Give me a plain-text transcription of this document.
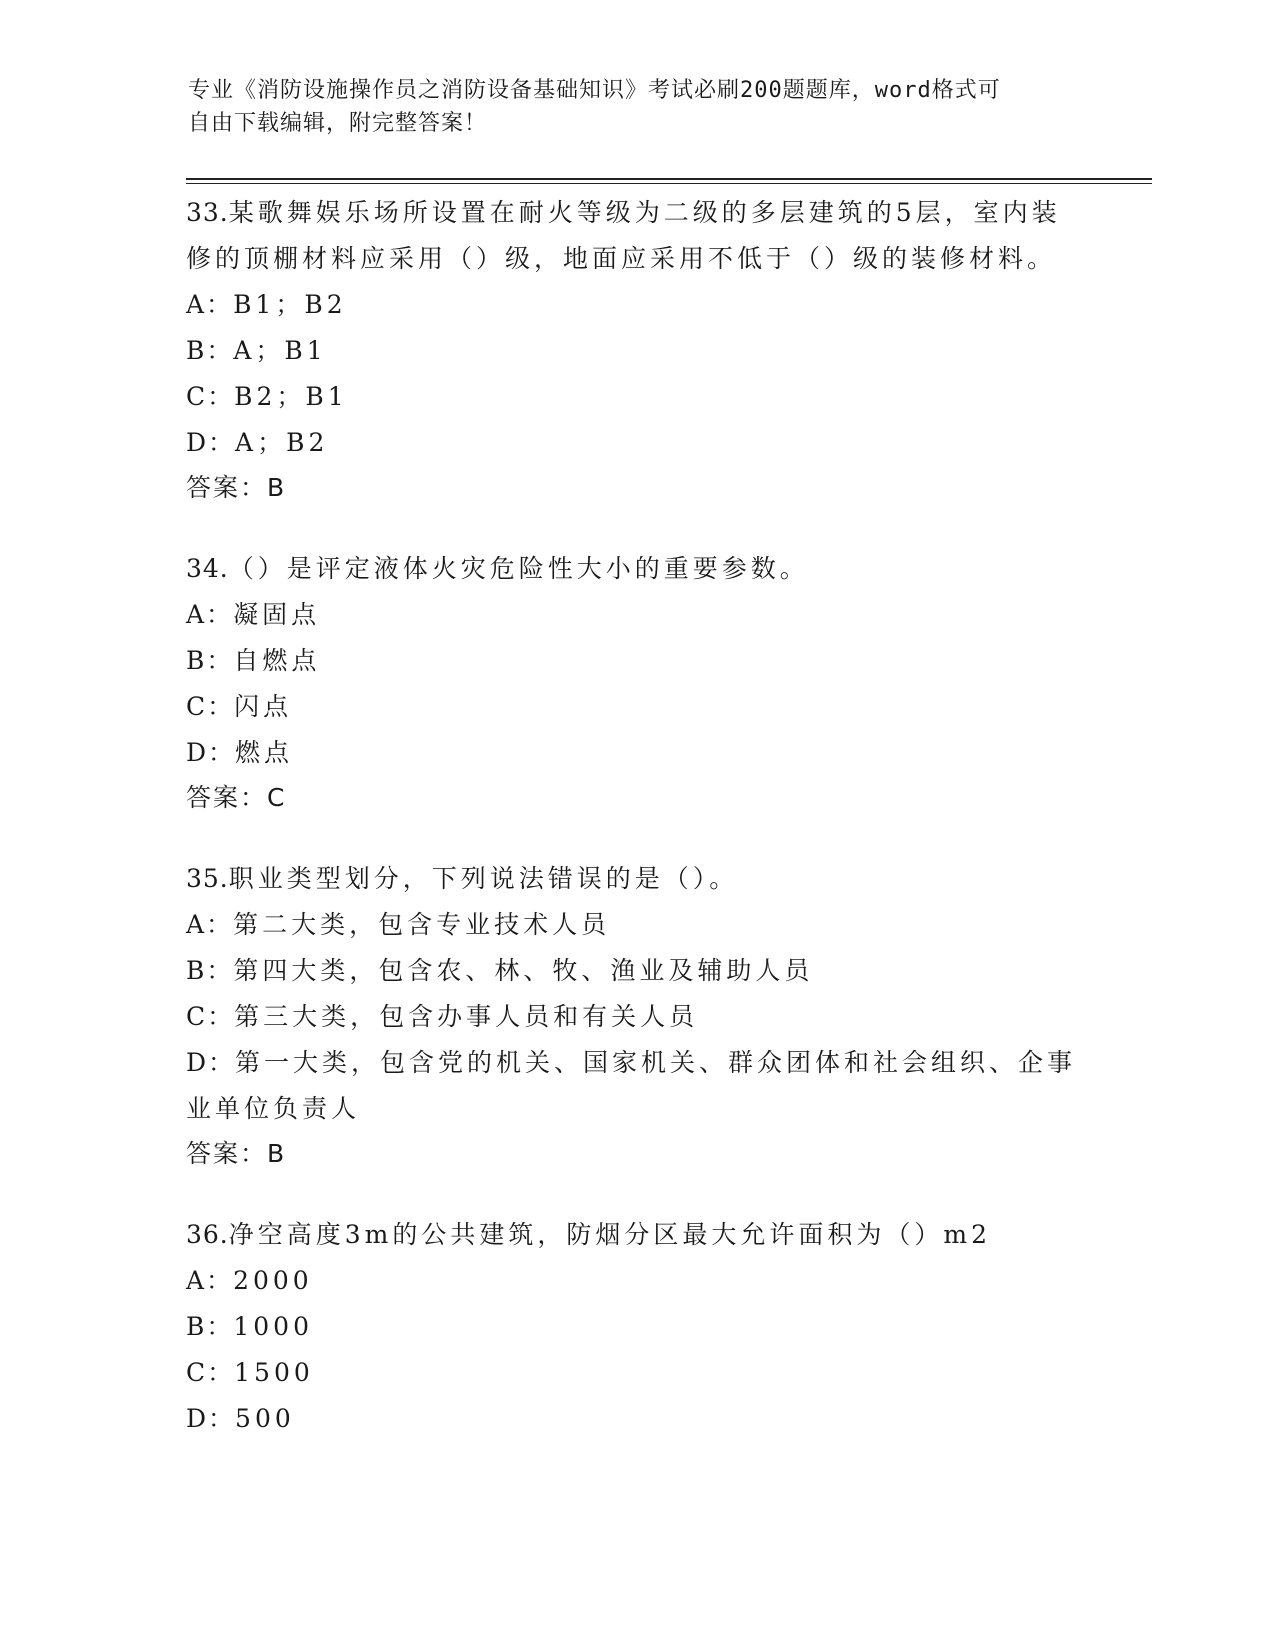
专业《消防设施操作员之消防设备基础知识》考试必刷200题题库，word格式可
自由下载编辑，附完整答案！
33.某歌舞娱乐场所设置在耐火等级为二级的多层建筑的5层，室内装修的顶棚材料应采用（）级，地面应采用不低于（）级的装修材料。
A：B1；B2
B：A；B1
C：B2；B1
D：A；B2
答案：B
34.（）是评定液体火灾危险性大小的重要参数。
A：凝固点
B：自燃点
C：闪点
D：燃点
答案：C
35.职业类型划分，下列说法错误的是（）。
A：第二大类，包含专业技术人员
B：第四大类，包含农、林、牧、渔业及辅助人员
C：第三大类，包含办事人员和有关人员
D：第一大类，包含党的机关、国家机关、群众团体和社会组织、企事业单位负责人
答案：B
36.净空高度3m的公共建筑，防烟分区最大允许面积为（）m2
A：2000
B：1000
C：1500
D：500
